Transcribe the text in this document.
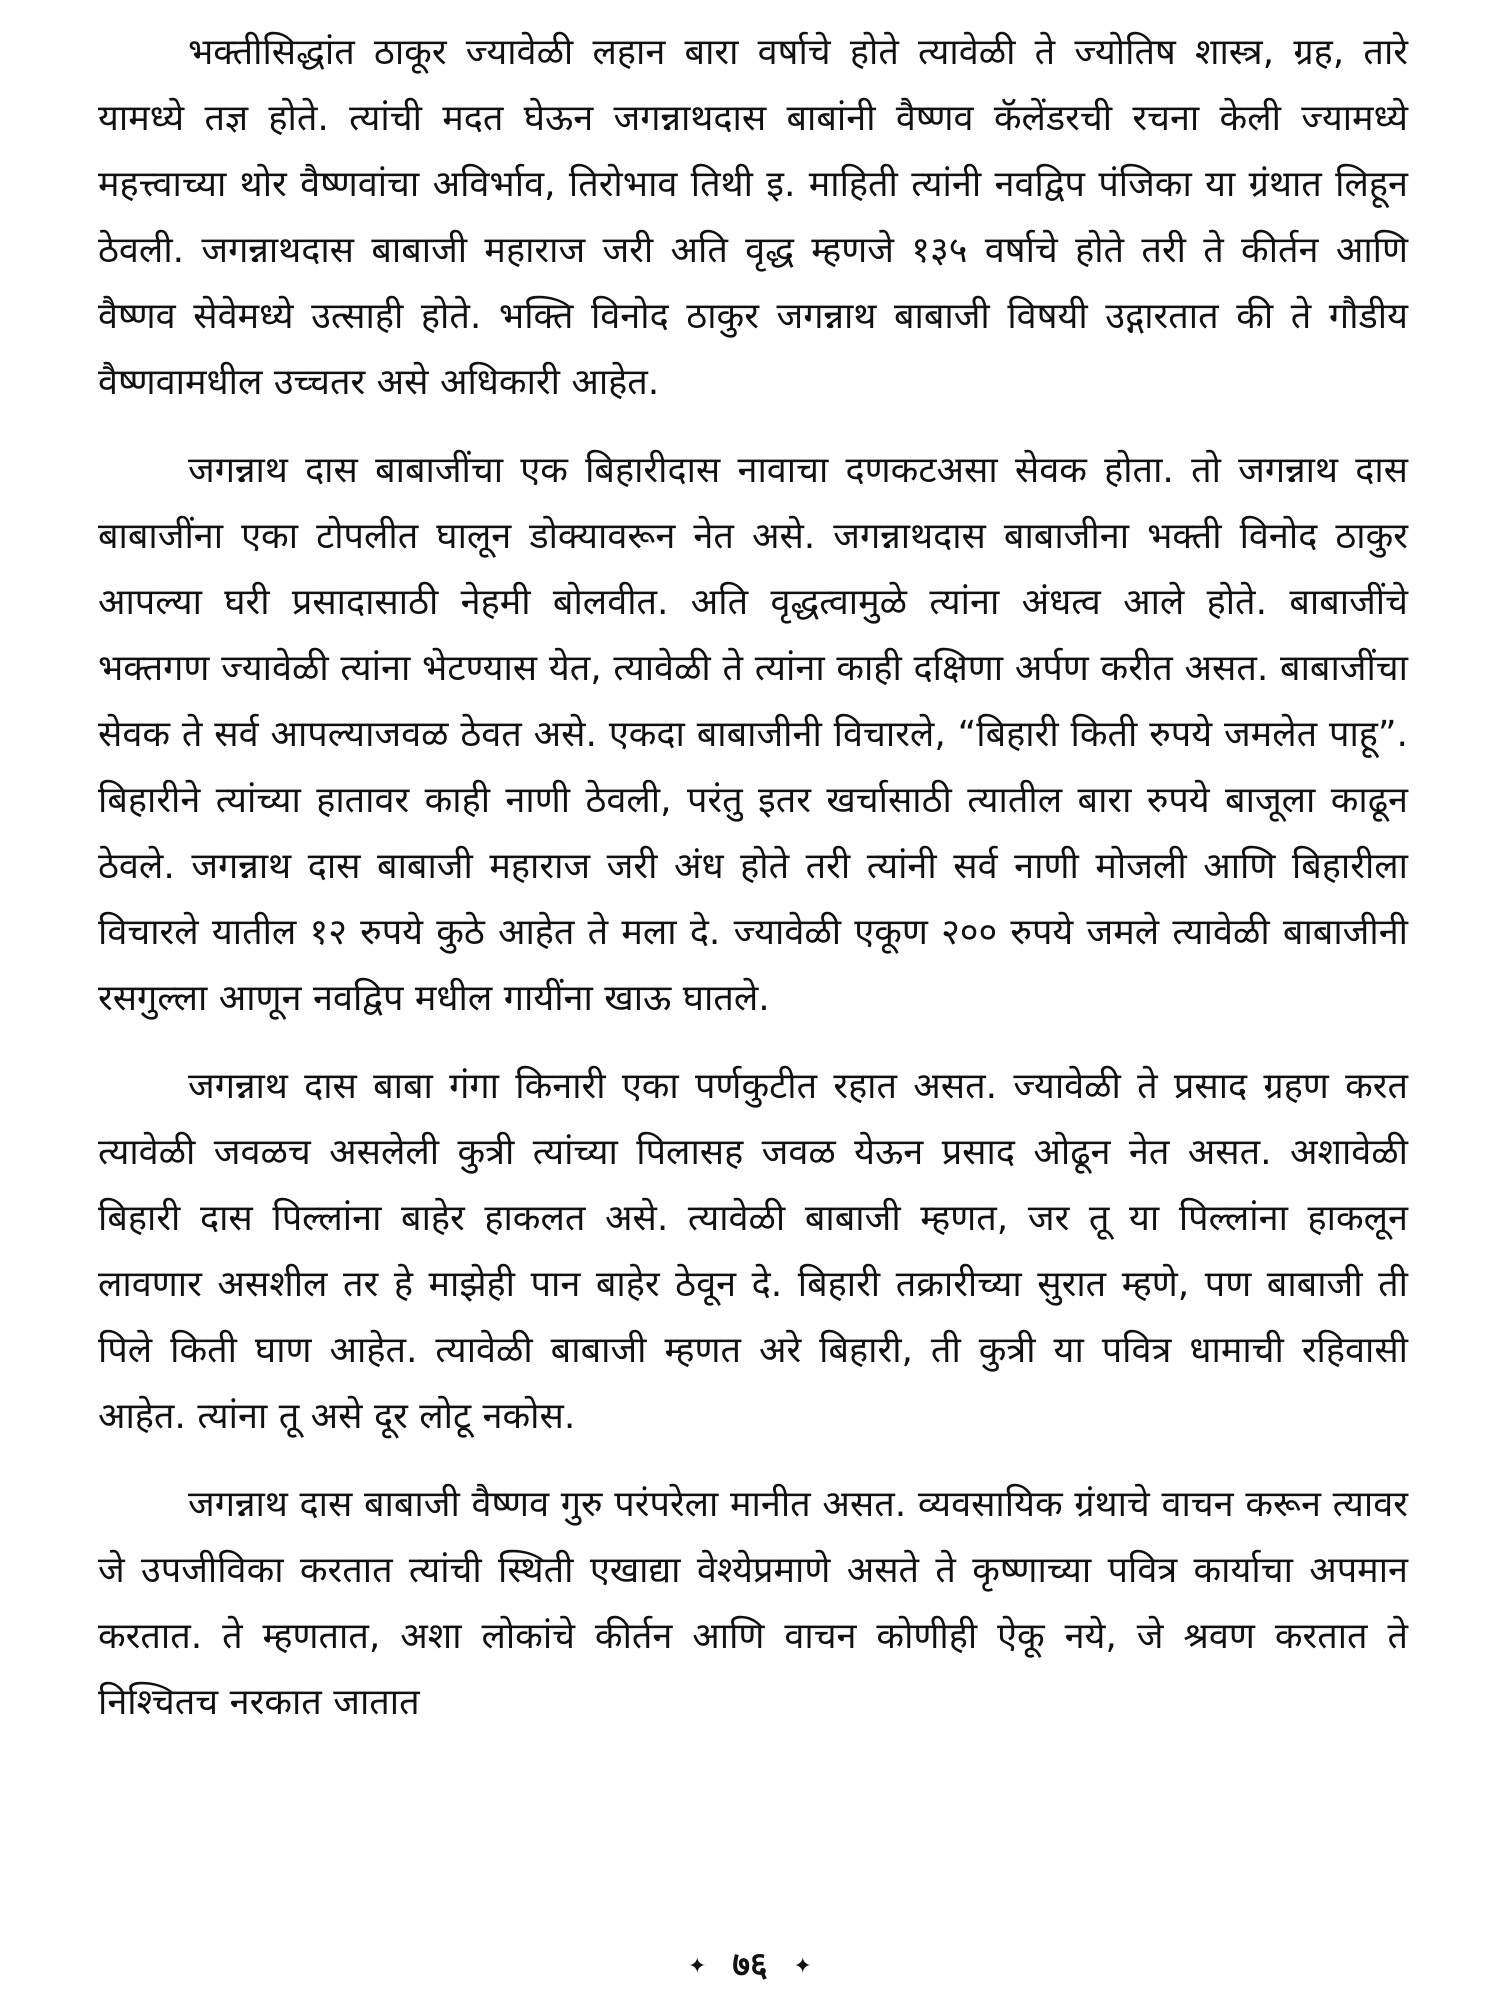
भक्तीसिद्धांत ठाकूर ज्यावेळी लहान बारा वर्षाचे होते त्यावेळी ते ज्योतिष शास्त्र, ग्रह, तारे यामध्ये तज्ञ होते. त्यांची मदत घेऊन जगन्नाथदास बाबांनी वैष्णव कॅलेंडरची रचना केली ज्यामध्ये महत्त्वाच्या थोर वैष्णवांचा अविर्भाव, तिरोभाव तिथी इ. माहिती त्यांनी नवद्विप पंजिका या ग्रंथात लिहून ठेवली. जगन्नाथदास बाबाजी महाराज जरी अति वृद्ध म्हणजे १३५ वर्षाचे होते तरी ते कीर्तन आणि वैष्णव सेवेमध्ये उत्साही होते. भक्ति विनोद ठाकुर जगन्नाथ बाबाजी विषयी उद्गारतात की ते गौडीय वैष्णवामधील उच्चतर असे अधिकारी आहेत.

जगन्नाथ दास बाबाजींचा एक बिहारीदास नावाचा दणकटअसा सेवक होता. तो जगन्नाथ दास बाबाजींना एका टोपलीत घालून डोक्यावरून नेत असे. जगन्नाथदास बाबाजीना भक्ती विनोद ठाकुर आपल्या घरी प्रसादासाठी नेहमी बोलवीत. अति वृद्धत्वामुळे त्यांना अंधत्व आले होते. बाबाजींचे भक्तगण ज्यावेळी त्यांना भेटण्यास येत, त्यावेळी ते त्यांना काही दक्षिणा अर्पण करीत असत. बाबाजींचा सेवक ते सर्व आपल्याजवळ ठेवत असे. एकदा बाबाजीनी विचारले, “बिहारी किती रुपये जमलेत पाहू”. बिहारीने त्यांच्या हातावर काही नाणी ठेवली, परंतु इतर खर्चासाठी त्यातील बारा रुपये बाजूला काढून ठेवले. जगन्नाथ दास बाबाजी महाराज जरी अंध होते तरी त्यांनी सर्व नाणी मोजली आणि बिहारीला विचारले यातील १२ रुपये कुठे आहेत ते मला दे. ज्यावेळी एकूण २०० रुपये जमले त्यावेळी बाबाजीनी रसगुल्ला आणून नवद्विप मधील गायींना खाऊ घातले.

जगन्नाथ दास बाबा गंगा किनारी एका पर्णकुटीत रहात असत. ज्यावेळी ते प्रसाद ग्रहण करत त्यावेळी जवळच असलेली कुत्री त्यांच्या पिलासह जवळ येऊन प्रसाद ओढून नेत असत. अशावेळी बिहारी दास पिल्लांना बाहेर हाकलत असे. त्यावेळी बाबाजी म्हणत, जर तू या पिल्लांना हाकलून लावणार असशील तर हे माझेही पान बाहेर ठेवून दे. बिहारी तक्रारीच्या सुरात म्हणे, पण बाबाजी ती पिले किती घाण आहेत. त्यावेळी बाबाजी म्हणत अरे बिहारी, ती कुत्री या पवित्र धामाची रहिवासी आहेत. त्यांना तू असे दूर लोटू नकोस.

जगन्नाथ दास बाबाजी वैष्णव गुरु परंपरेला मानीत असत. व्यवसायिक ग्रंथाचे वाचन करून त्यावर जे उपजीविका करतात त्यांची स्थिती एखाद्या वेश्येप्रमाणे असते ते कृष्णाच्या पवित्र कार्याचा अपमान करतात. ते म्हणतात, अशा लोकांचे कीर्तन आणि वाचन कोणीही ऐकू नये, जे श्रवण करतात ते निश्चितच नरकात जातात

✦ ७६ ✦
